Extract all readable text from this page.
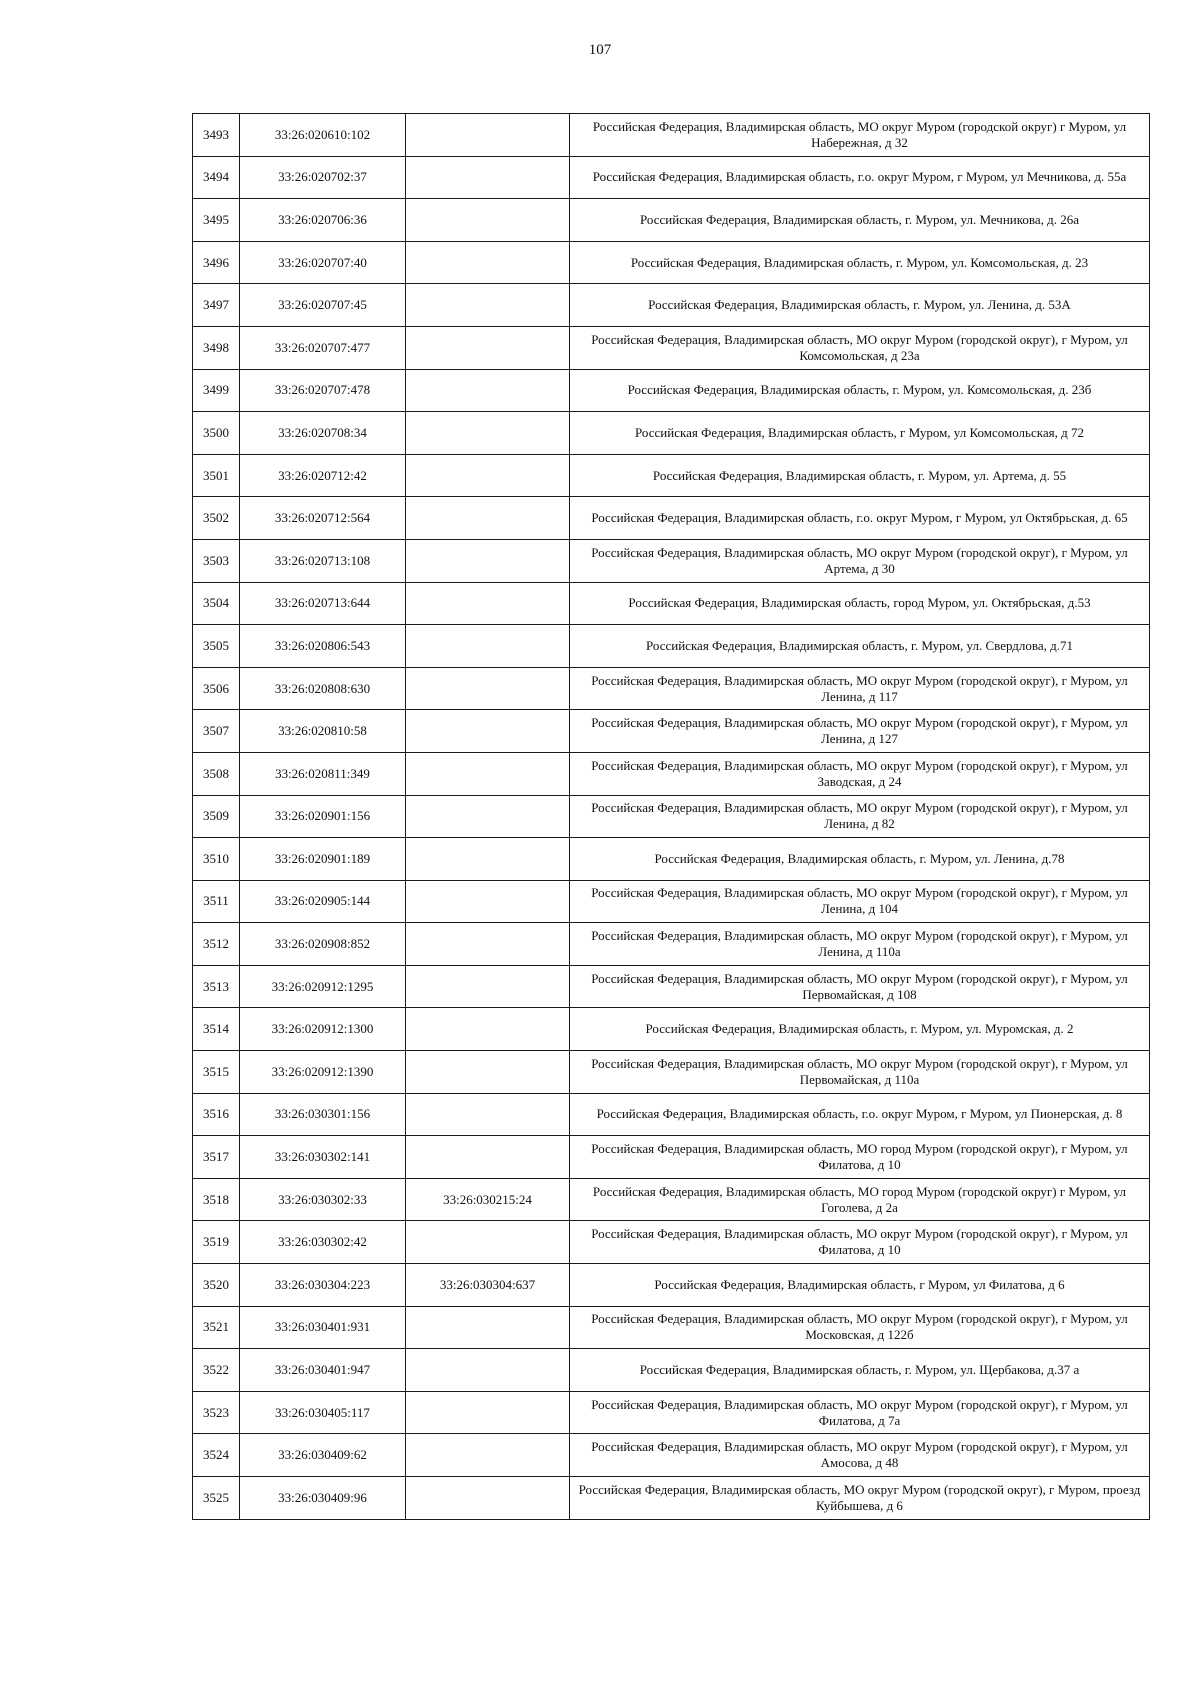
107
3493	33:26:020610:102		Российская Федерация, Владимирская область, МО округ Муром (городской округ) г Муром, ул Набережная, д 32
3494	33:26:020702:37		Российская Федерация, Владимирская область, г.о. округ Муром, г Муром, ул Мечникова, д. 55а
3495	33:26:020706:36		Российская Федерация, Владимирская область, г. Муром, ул. Мечникова, д. 26а
3496	33:26:020707:40		Российская Федерация, Владимирская область, г. Муром, ул. Комсомольская, д. 23
3497	33:26:020707:45		Российская Федерация, Владимирская область, г. Муром, ул. Ленина, д. 53А
3498	33:26:020707:477		Российская Федерация, Владимирская область, МО округ Муром (городской округ), г Муром, ул Комсомольская, д 23а
3499	33:26:020707:478		Российская Федерация, Владимирская область, г. Муром, ул. Комсомольская, д. 23б
3500	33:26:020708:34		Российская Федерация, Владимирская область, г Муром, ул Комсомольская, д 72
3501	33:26:020712:42		Российская Федерация, Владимирская область, г. Муром, ул. Артема, д. 55
3502	33:26:020712:564		Российская Федерация, Владимирская область, г.о. округ Муром, г Муром, ул Октябрьская, д. 65
3503	33:26:020713:108		Российская Федерация, Владимирская область, МО округ Муром (городской округ), г Муром, ул Артема, д 30
3504	33:26:020713:644		Российская Федерация, Владимирская область, город Муром, ул. Октябрьская, д.53
3505	33:26:020806:543		Российская Федерация, Владимирская область, г. Муром, ул. Свердлова, д.71
3506	33:26:020808:630		Российская Федерация, Владимирская область, МО округ Муром (городской округ), г Муром, ул Ленина, д 117
3507	33:26:020810:58		Российская Федерация, Владимирская область, МО округ Муром (городской округ), г Муром, ул Ленина, д 127
3508	33:26:020811:349		Российская Федерация, Владимирская область, МО округ Муром (городской округ), г Муром, ул Заводская, д 24
3509	33:26:020901:156		Российская Федерация, Владимирская область, МО округ Муром (городской округ), г Муром, ул Ленина, д 82
3510	33:26:020901:189		Российская Федерация, Владимирская область, г. Муром, ул. Ленина, д.78
3511	33:26:020905:144		Российская Федерация, Владимирская область, МО округ Муром (городской округ), г Муром, ул Ленина, д 104
3512	33:26:020908:852		Российская Федерация, Владимирская область, МО округ Муром (городской округ), г Муром, ул Ленина, д 110а
3513	33:26:020912:1295		Российская Федерация, Владимирская область, МО округ Муром (городской округ), г Муром, ул Первомайская, д 108
3514	33:26:020912:1300		Российская Федерация, Владимирская область, г. Муром, ул. Муромская, д. 2
3515	33:26:020912:1390		Российская Федерация, Владимирская область, МО округ Муром (городской округ), г Муром, ул Первомайская, д 110а
3516	33:26:030301:156		Российская Федерация, Владимирская область, г.о. округ Муром, г Муром, ул Пионерская, д. 8
3517	33:26:030302:141		Российская Федерация, Владимирская область, МО город Муром (городской округ), г Муром, ул Филатова, д 10
3518	33:26:030302:33	33:26:030215:24	Российская Федерация, Владимирская область, МО город Муром (городской округ) г Муром, ул Гоголева, д 2а
3519	33:26:030302:42		Российская Федерация, Владимирская область, МО округ Муром (городской округ), г Муром, ул Филатова, д 10
3520	33:26:030304:223	33:26:030304:637	Российская Федерация, Владимирская область, г Муром, ул Филатова, д 6
3521	33:26:030401:931		Российская Федерация, Владимирская область, МО округ Муром (городской округ), г Муром, ул Московская, д 122б
3522	33:26:030401:947		Российская Федерация, Владимирская область, г. Муром, ул. Щербакова, д.37 а
3523	33:26:030405:117		Российская Федерация, Владимирская область, МО округ Муром (городской округ), г Муром, ул Филатова, д 7а
3524	33:26:030409:62		Российская Федерация, Владимирская область, МО округ Муром (городской округ), г Муром, ул Амосова, д 48
3525	33:26:030409:96		Российская Федерация, Владимирская область, МО округ Муром (городской округ), г Муром, проезд Куйбышева, д 6
